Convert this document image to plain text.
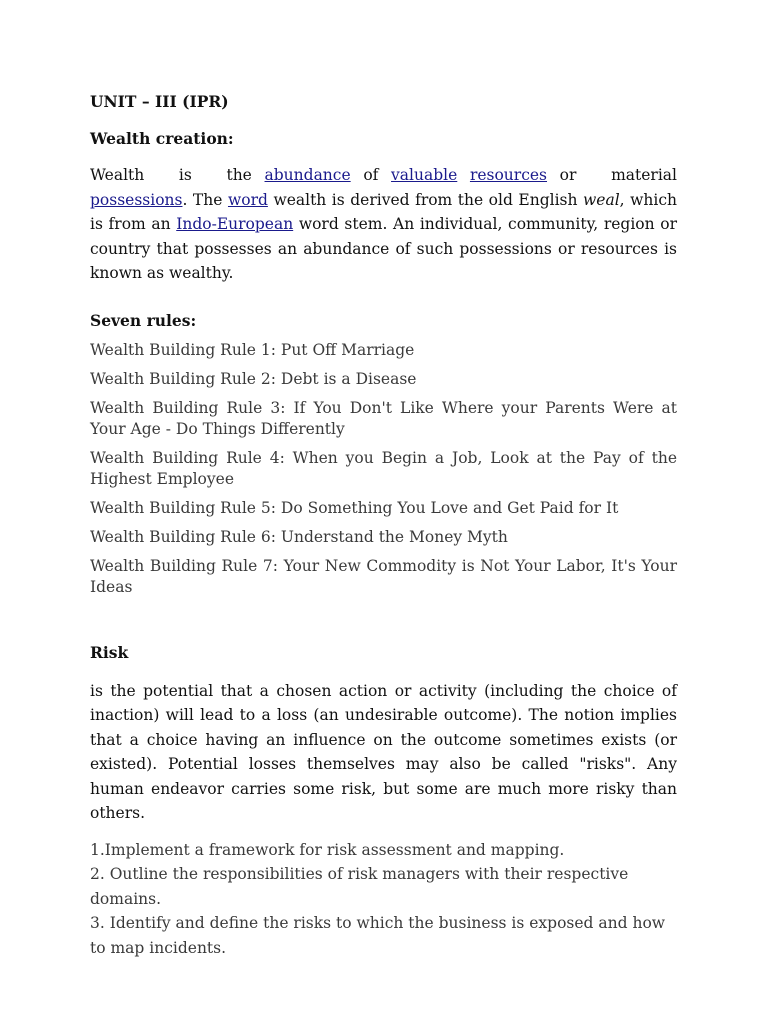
UNIT – III (IPR)

Wealth creation:

Wealth is the abundance of valuable resources or material possessions. The word wealth is derived from the old English weal, which is from an Indo-European word stem. An individual, community, region or country that possesses an abundance of such possessions or resources is known as wealthy.

Seven rules:

Wealth Building Rule 1: Put Off Marriage
Wealth Building Rule 2: Debt is a Disease
Wealth Building Rule 3: If You Don't Like Where your Parents Were at Your Age - Do Things Differently
Wealth Building Rule 4: When you Begin a Job, Look at the Pay of the Highest Employee
Wealth Building Rule 5: Do Something You Love and Get Paid for It
Wealth Building Rule 6: Understand the Money Myth
Wealth Building Rule 7: Your New Commodity is Not Your Labor, It's Your Ideas

Risk

is the potential that a chosen action or activity (including the choice of inaction) will lead to a loss (an undesirable outcome). The notion implies that a choice having an influence on the outcome sometimes exists (or existed). Potential losses themselves may also be called "risks". Any human endeavor carries some risk, but some are much more risky than others.

1.Implement a framework for risk assessment and mapping.
2. Outline the responsibilities of risk managers with their respective domains.
3. Identify and define the risks to which the business is exposed and how to map incidents.
